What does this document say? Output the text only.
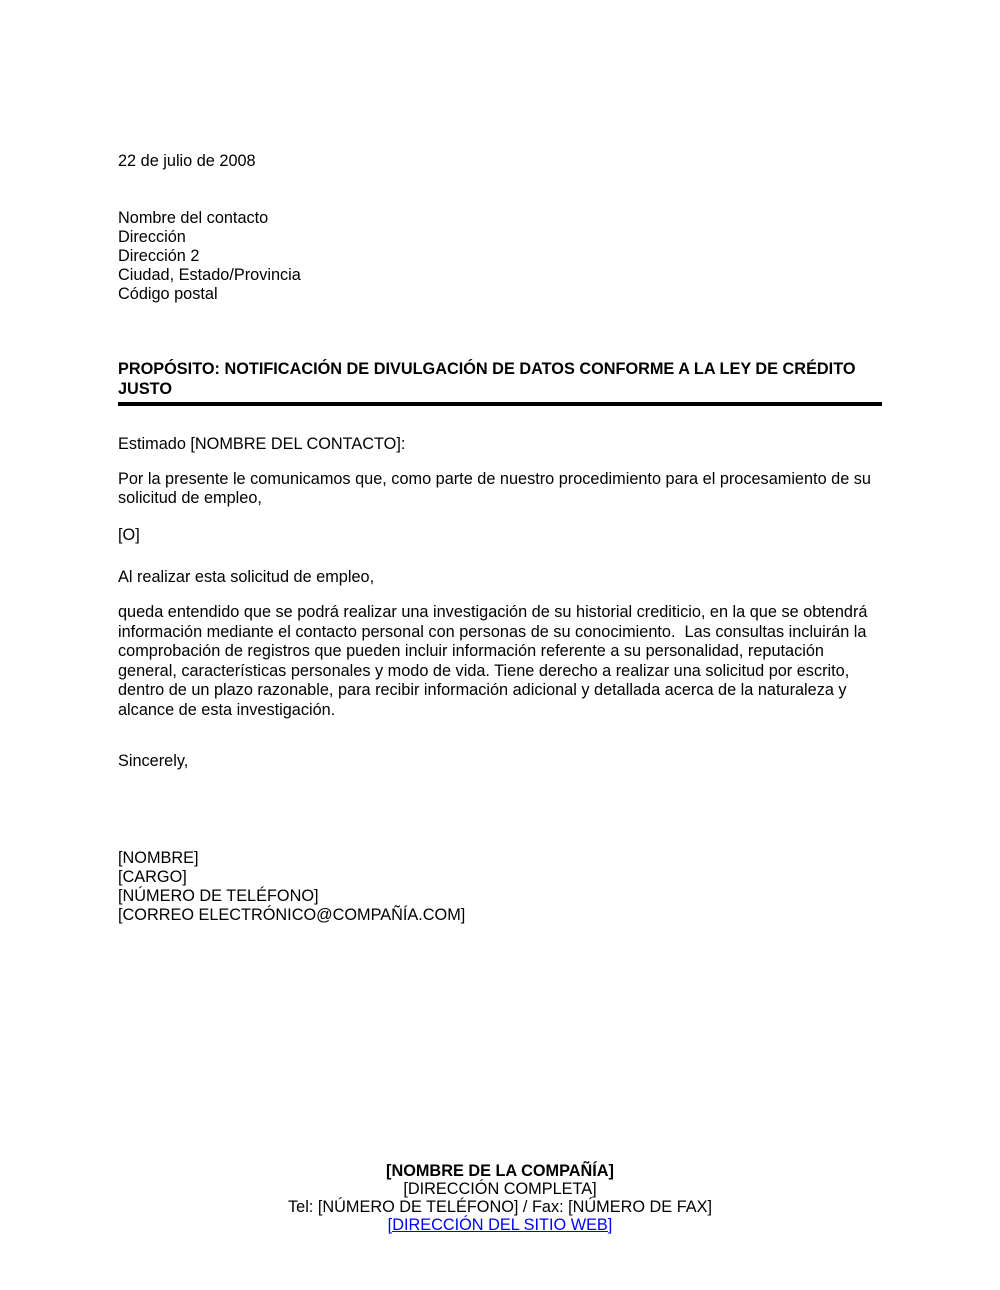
22 de julio de 2008
Nombre del contacto
Dirección
Dirección 2
Ciudad, Estado/Provincia
Código postal
PROPÓSITO: NOTIFICACIÓN DE DIVULGACIÓN DE DATOS CONFORME A LA LEY DE CRÉDITO
JUSTO
Estimado [NOMBRE DEL CONTACTO]:
Por la presente le comunicamos que, como parte de nuestro procedimiento para el procesamiento de su
solicitud de empleo,
[O]
Al realizar esta solicitud de empleo,
queda entendido que se podrá realizar una investigación de su historial crediticio, en la que se obtendrá
información mediante el contacto personal con personas de su conocimiento.  Las consultas incluirán la
comprobación de registros que pueden incluir información referente a su personalidad, reputación
general, características personales y modo de vida. Tiene derecho a realizar una solicitud por escrito,
dentro de un plazo razonable, para recibir información adicional y detallada acerca de la naturaleza y
alcance de esta investigación.
Sincerely,
[NOMBRE]
[CARGO]
[NÚMERO DE TELÉFONO]
[CORREO ELECTRÓNICO@COMPAÑÍA.COM]
[NOMBRE DE LA COMPAÑÍA]
[DIRECCIÓN COMPLETA]
Tel: [NÚMERO DE TELÉFONO] / Fax: [NÚMERO DE FAX]
[DIRECCIÓN DEL SITIO WEB]
